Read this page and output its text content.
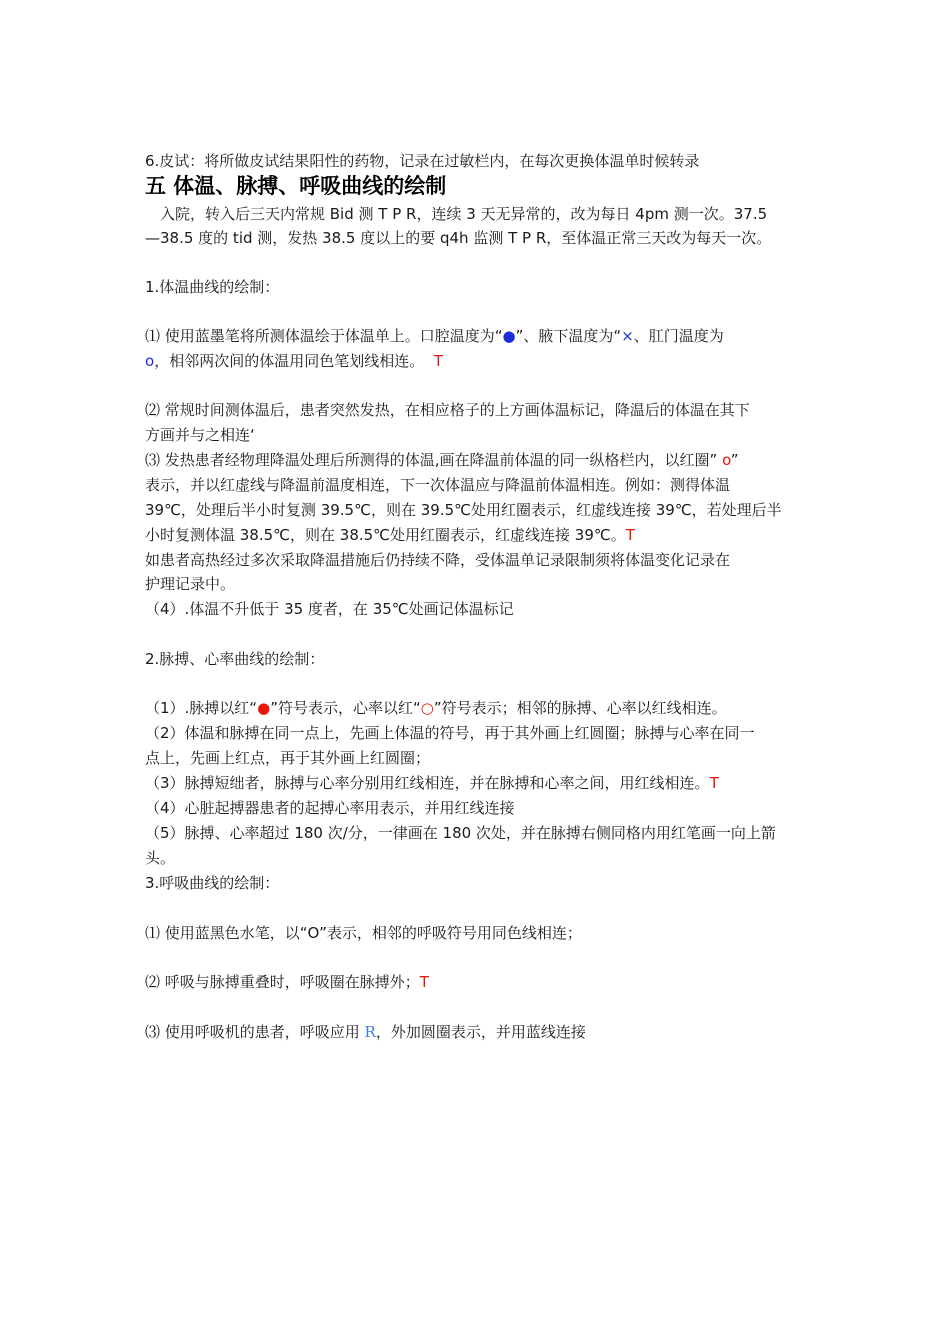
6.皮试：将所做皮试结果阳性的药物，记录在过敏栏内，在每次更换体温单时候转录
五 体温、脉搏、呼吸曲线的绘制
入院，转入后三天内常规 Bid 测 T P R，连续 3 天无异常的，改为每日 4pm 测一次。37.5
—38.5 度的 tid 测，发热 38.5 度以上的要 q4h 监测 T P R，至体温正常三天改为每天一次。
1.体温曲线的绘制：
⑴ 使用蓝墨笔将所测体温绘于体温单上。口腔温度为“●”、腋下温度为“×、肛门温度为
o，相邻两次间的体温用同色笔划线相连。 T
⑵ 常规时间测体温后，患者突然发热，在相应格子的上方画体温标记，降温后的体温在其下
方画并与之相连‘
⑶ 发热患者经物理降温处理后所测得的体温,画在降温前体温的同一纵格栏内，以红圈” o”
表示，并以红虚线与降温前温度相连，下一次体温应与降温前体温相连。例如：测得体温
39℃，处理后半小时复测 39.5℃，则在 39.5℃处用红圈表示，红虚线连接 39℃，若处理后半
小时复测体温 38.5℃，则在 38.5℃处用红圈表示，红虚线连接 39℃。T
如患者高热经过多次采取降温措施后仍持续不降，受体温单记录限制须将体温变化记录在
护理记录中。
（4）.体温不升低于 35 度者，在 35℃处画记体温标记
2.脉搏、心率曲线的绘制：
（1）.脉搏以红“●”符号表示，心率以红“○”符号表示；相邻的脉搏、心率以红线相连。
（2）体温和脉搏在同一点上，先画上体温的符号，再于其外画上红圆圈；脉搏与心率在同一
点上，先画上红点，再于其外画上红圆圈；
（3）脉搏短绌者，脉搏与心率分别用红线相连，并在脉搏和心率之间，用红线相连。T
（4）心脏起搏器患者的起搏心率用表示，并用红线连接
（5）脉搏、心率超过 180 次/分，一律画在 180 次处，并在脉搏右侧同格内用红笔画一向上箭
头。
3.呼吸曲线的绘制：
⑴ 使用蓝黑色水笔，以“O”表示，相邻的呼吸符号用同色线相连；
⑵ 呼吸与脉搏重叠时，呼吸圈在脉搏外；T
⑶ 使用呼吸机的患者，呼吸应用 R，外加圆圈表示，并用蓝线连接
